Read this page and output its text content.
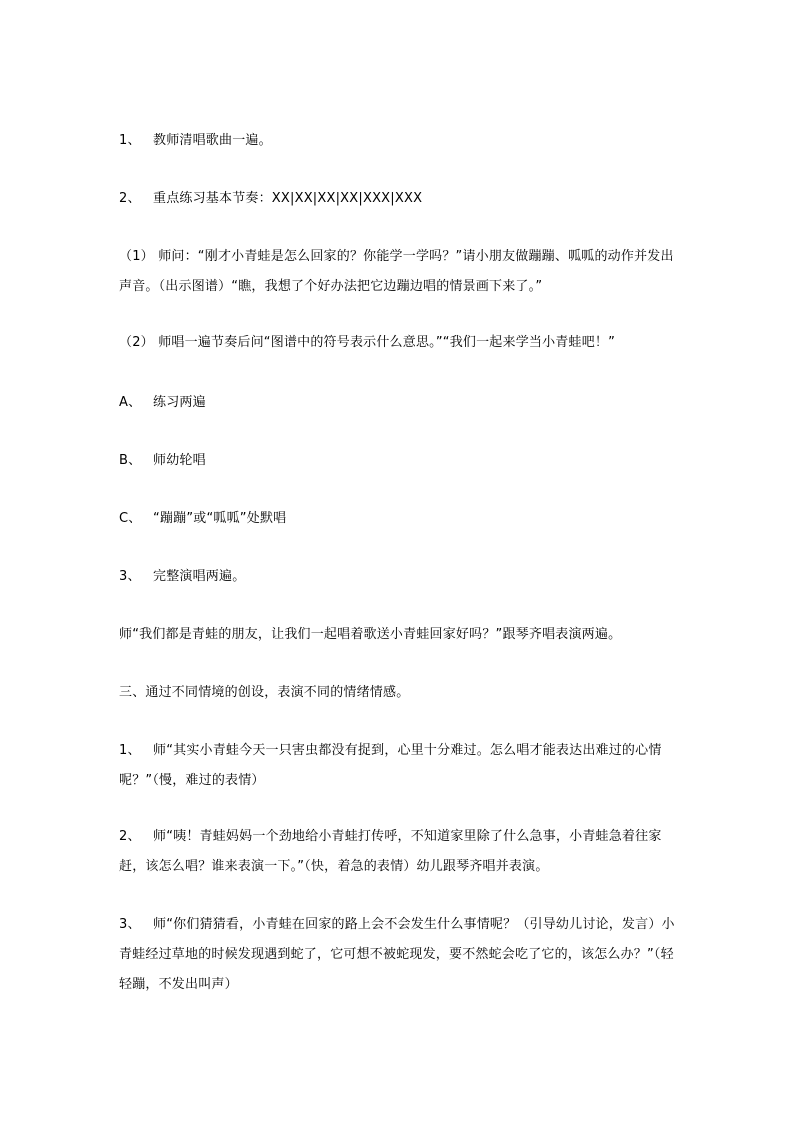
1、 教师清唱歌曲一遍。

2、 重点练习基本节奏：XX|XX|XX|XX|XXX|XXX

（1） 师问：“刚才小青蛙是怎么回家的？你能学一学吗？”请小朋友做蹦蹦、呱呱的动作并发出声音。（出示图谱）“瞧，我想了个好办法把它边蹦边唱的情景画下来了。”

（2） 师唱一遍节奏后问“图谱中的符号表示什么意思。”“我们一起来学当小青蛙吧！”

A、 练习两遍

B、 师幼轮唱

C、 “蹦蹦”或“呱呱”处默唱

3、 完整演唱两遍。

师“我们都是青蛙的朋友，让我们一起唱着歌送小青蛙回家好吗？”跟琴齐唱表演两遍。

三、通过不同情境的创设，表演不同的情绪情感。

1、 师“其实小青蛙今天一只害虫都没有捉到，心里十分难过。怎么唱才能表达出难过的心情呢？”（慢，难过的表情）

2、 师“咦！青蛙妈妈一个劲地给小青蛙打传呼，不知道家里除了什么急事，小青蛙急着往家赶，该怎么唱？谁来表演一下。”（快，着急的表情）幼儿跟琴齐唱并表演。

3、 师“你们猜猜看，小青蛙在回家的路上会不会发生什么事情呢？（引导幼儿讨论，发言）小青蛙经过草地的时候发现遇到蛇了，它可想不被蛇现发，要不然蛇会吃了它的，该怎么办？”（轻轻蹦，不发出叫声）
